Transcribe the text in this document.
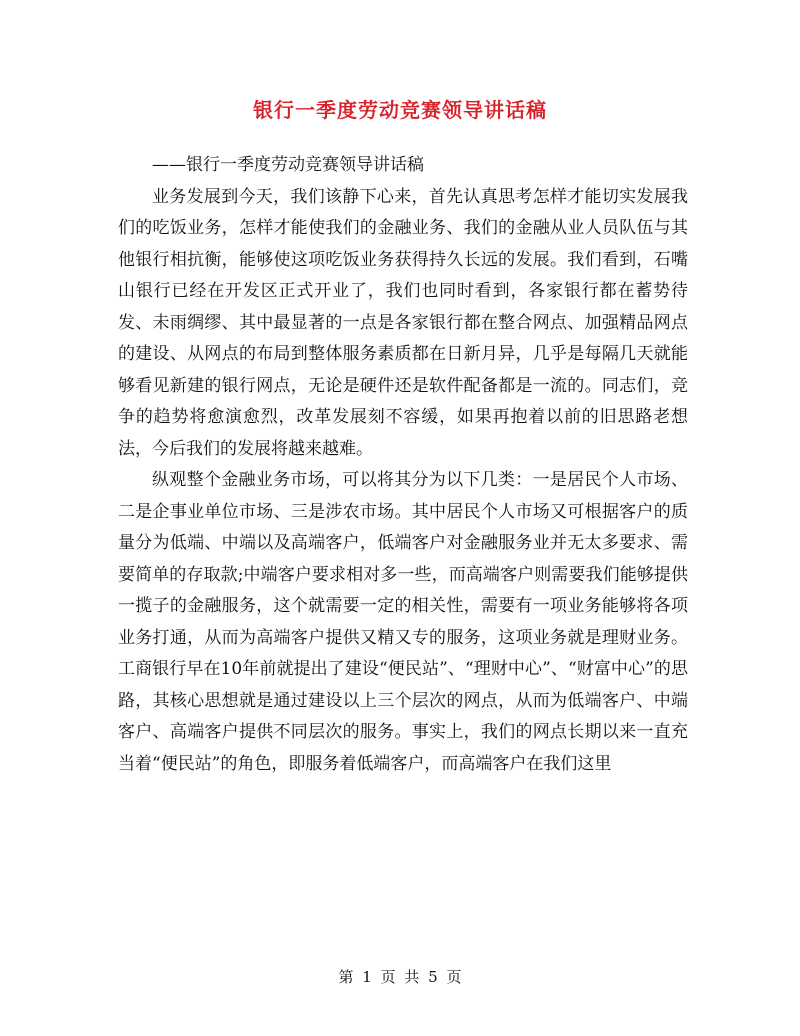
银行一季度劳动竞赛领导讲话稿

——银行一季度劳动竞赛领导讲话稿

业务发展到今天，我们该静下心来，首先认真思考怎样才能切实发展我们的吃饭业务，怎样才能使我们的金融业务、我们的金融从业人员队伍与其他银行相抗衡，能够使这项吃饭业务获得持久长远的发展。我们看到，石嘴山银行已经在开发区正式开业了，我们也同时看到，各家银行都在蓄势待发、未雨绸缪、其中最显著的一点是各家银行都在整合网点、加强精品网点的建设、从网点的布局到整体服务素质都在日新月异，几乎是每隔几天就能够看见新建的银行网点，无论是硬件还是软件配备都是一流的。同志们，竞争的趋势将愈演愈烈，改革发展刻不容缓，如果再抱着以前的旧思路老想法，今后我们的发展将越来越难。

纵观整个金融业务市场，可以将其分为以下几类：一是居民个人市场、二是企事业单位市场、三是涉农市场。其中居民个人市场又可根据客户的质量分为低端、中端以及高端客户，低端客户对金融服务业并无太多要求、需要简单的存取款;中端客户要求相对多一些，而高端客户则需要我们能够提供一揽子的金融服务，这个就需要一定的相关性，需要有一项业务能够将各项业务打通，从而为高端客户提供又精又专的服务，这项业务就是理财业务。工商银行早在10年前就提出了建设“便民站”、“理财中心”、“财富中心”的思路，其核心思想就是通过建设以上三个层次的网点，从而为低端客户、中端客户、高端客户提供不同层次的服务。事实上，我们的网点长期以来一直充当着“便民站”的角色，即服务着低端客户，而高端客户在我们这里

第 1 页 共 5 页
